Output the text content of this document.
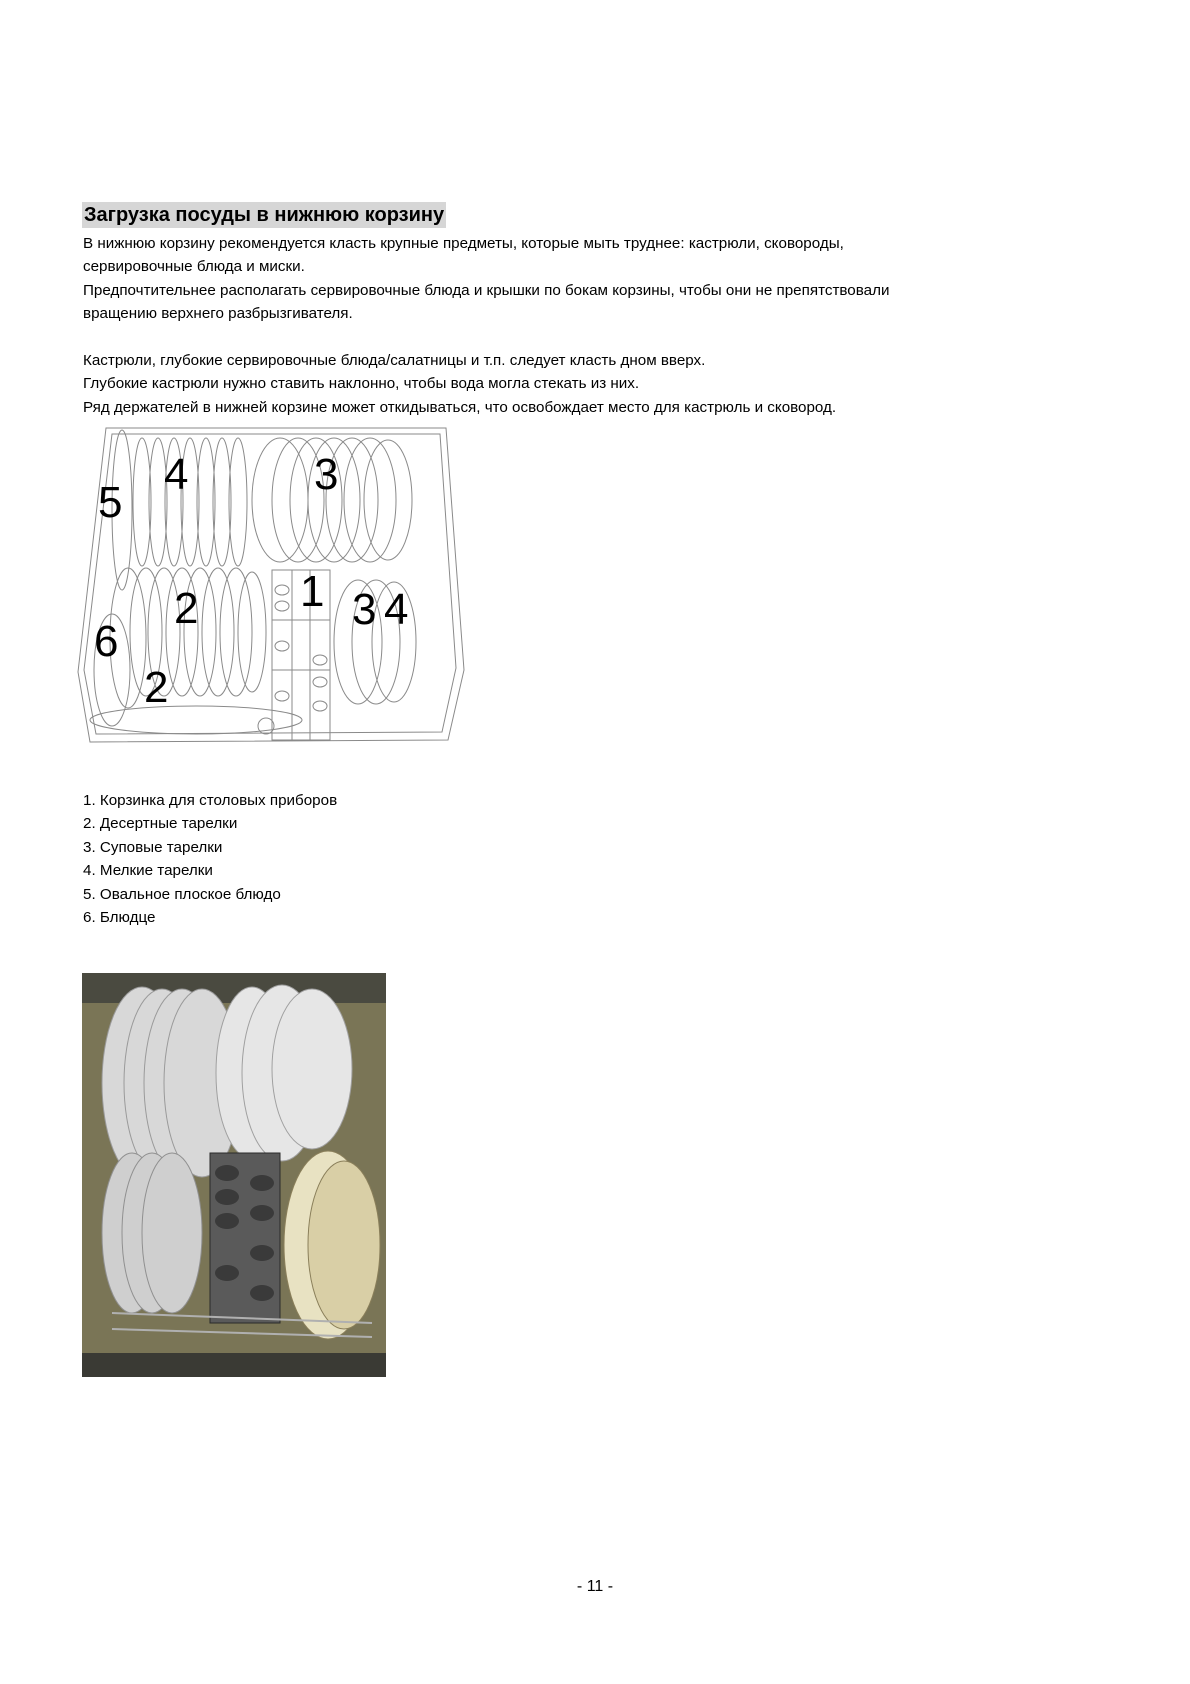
Загрузка посуды в нижнюю корзину

В нижнюю корзину рекомендуется класть крупные предметы, которые мыть труднее: кастрюли, сковороды,

сервировочные блюда и миски.

Предпочтительнее располагать сервировочные блюда и крышки по бокам корзины, чтобы они не препятствовали

вращению верхнего разбрызгивателя.

Кастрюли, глубокие сервировочные блюда/салатницы и т.п. следует класть дном вверх.

Глубокие кастрюли нужно ставить наклонно, чтобы вода могла стекать из них.

Ряд держателей в нижней корзине может откидываться, что освобождает место для кастрюль и сковород.

5
4	3
2 1 3 4
6
2
1. Корзинка для столовых приборов
2. Десертные тарелки
3. Суповые тарелки
4. Мелкие тарелки
5. Овальное плоское блюдо
6. Блюдце
- 11 -
